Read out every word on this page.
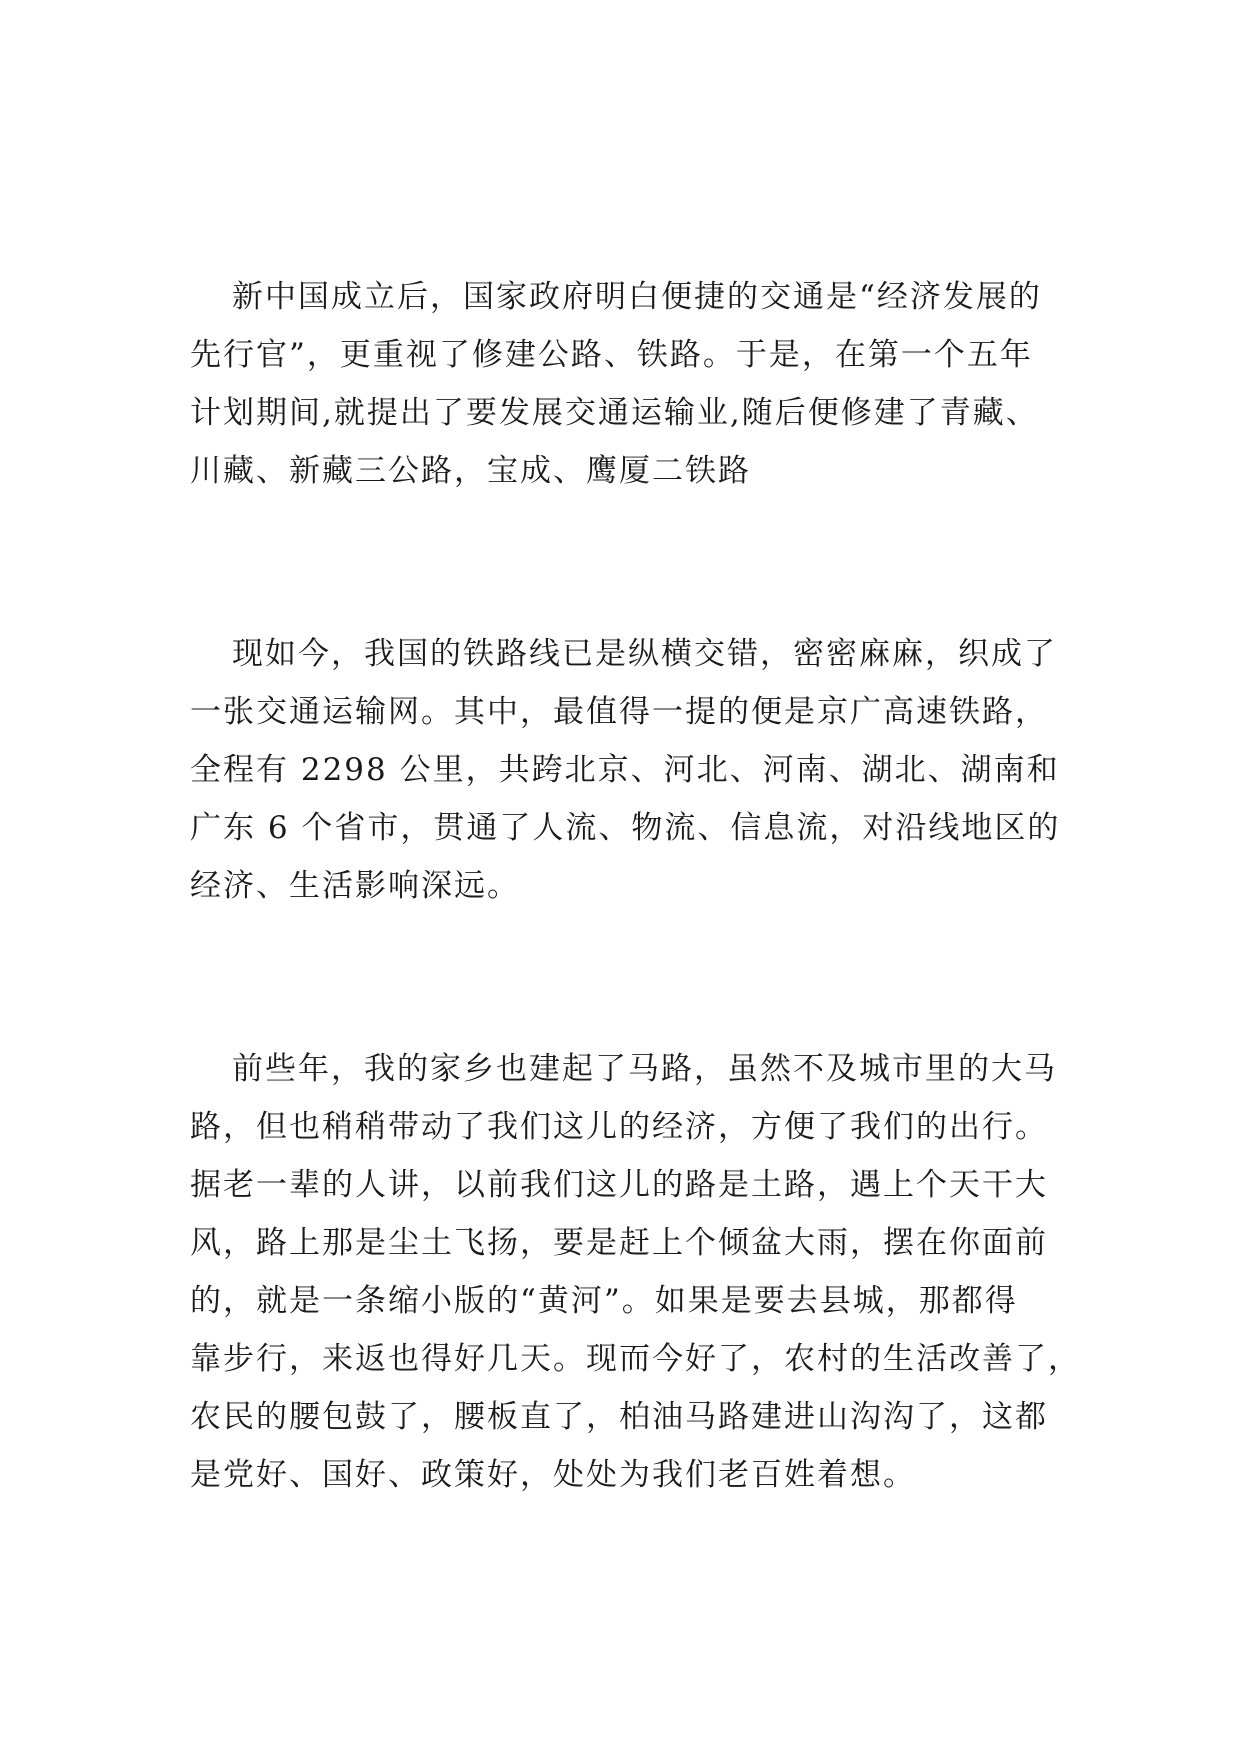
新中国成立后，国家政府明白便捷的交通是“经济发展的
先行官”，更重视了修建公路、铁路。于是，在第一个五年
计划期间,就提出了要发展交通运输业,随后便修建了青藏、
川藏、新藏三公路，宝成、鹰厦二铁路
现如今，我国的铁路线已是纵横交错，密密麻麻，织成了
一张交通运输网。其中，最值得一提的便是京广高速铁路，
全程有 2298 公里，共跨北京、河北、河南、湖北、湖南和
广东 6 个省市，贯通了人流、物流、信息流，对沿线地区的
经济、生活影响深远。
前些年，我的家乡也建起了马路，虽然不及城市里的大马
路，但也稍稍带动了我们这儿的经济，方便了我们的出行。
据老一辈的人讲，以前我们这儿的路是土路，遇上个天干大
风，路上那是尘土飞扬，要是赶上个倾盆大雨，摆在你面前
的，就是一条缩小版的“黄河”。如果是要去县城，那都得
靠步行，来返也得好几天。现而今好了，农村的生活改善了，
农民的腰包鼓了，腰板直了，柏油马路建进山沟沟了，这都
是党好、国好、政策好，处处为我们老百姓着想。
